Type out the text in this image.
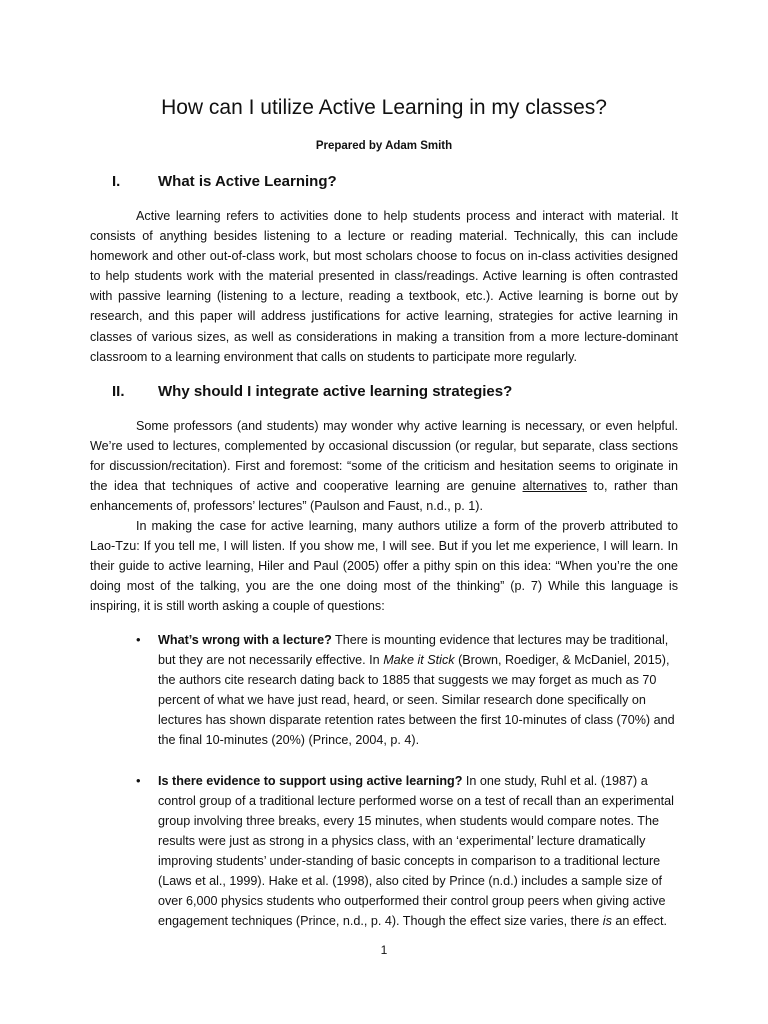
How can I utilize Active Learning in my classes?
Prepared by Adam Smith
I.	What is Active Learning?

Active learning refers to activities done to help students process and interact with material. It consists of anything besides listening to a lecture or reading material. Technically, this can include homework and other out-of-class work, but most scholars choose to focus on in-class activities designed to help students work with the material presented in class/readings. Active learning is often contrasted with passive learning (listening to a lecture, reading a textbook, etc.). Active learning is borne out by research, and this paper will address justifications for active learning, strategies for active learning in classes of various sizes, as well as considerations in making a transition from a more lecture-dominant classroom to a learning environment that calls on students to participate more regularly.

II. Why should I integrate active learning strategies?

Some professors (and students) may wonder why active learning is necessary, or even helpful. We’re used to lectures, complemented by occasional discussion (or regular, but separate, class sections for discussion/recitation). First and foremost: “some of the criticism and hesitation seems to originate in the idea that techniques of active and cooperative learning are genuine alternatives to, rather than enhancements of, professors’ lectures” (Paulson and Faust, n.d., p. 1).

In making the case for active learning, many authors utilize a form of the proverb attributed to Lao-Tzu: If you tell me, I will listen. If you show me, I will see. But if you let me experience, I will learn. In their guide to active learning, Hiler and Paul (2005) offer a pithy spin on this idea: “When you’re the one doing most of the talking, you are the one doing most of the thinking” (p. 7) While this language is inspiring, it is still worth asking a couple of questions:

•	What’s wrong with a lecture? There is mounting evidence that lectures may be traditional, but they are not necessarily effective. In Make it Stick (Brown, Roediger, & McDaniel, 2015), the authors cite research dating back to 1885 that suggests we may forget as much as 70 percent of what we have just read, heard, or seen. Similar research done specifically on lectures has shown disparate retention rates between the first 10-minutes of class (70%) and the final 10-minutes (20%) (Prince, 2004, p. 4).

•	Is there evidence to support using active learning? In one study, Ruhl et al. (1987) a control group of a traditional lecture performed worse on a test of recall than an experimental group involving three breaks, every 15 minutes, when students would compare notes. The results were just as strong in a physics class, with an ‘experimental’ lecture dramatically improving students’ under-standing of basic concepts in comparison to a traditional lecture (Laws et al., 1999). Hake et al. (1998), also cited by Prince (n.d.) includes a sample size of over 6,000 physics students who outperformed their control group peers when giving active engagement techniques (Prince, n.d., p. 4). Though the effect size varies, there is an effect.

1
